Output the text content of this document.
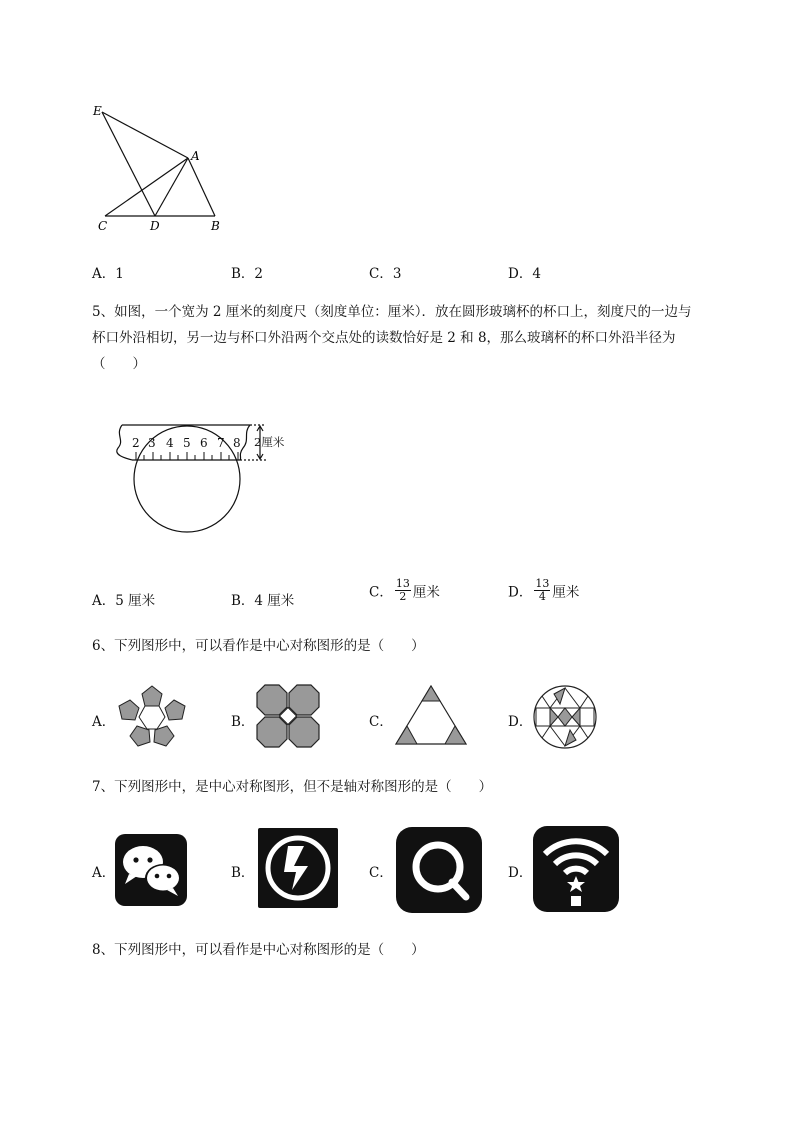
E
A
C	D	B
A．1	B．2	C．3	D．4
5、如图，一个宽为 2 厘米的刻度尺（刻度单位：厘米）．放在圆形玻璃杯的杯口上，刻度尺的一边与
杯口外沿相切，另一边与杯口外沿两个交点处的读数恰好是 2 和 8，那么玻璃杯的杯口外沿半径为
（　　）
2 3 4 5 6 7 8 2厘米
A．5 厘米	B．4 厘米
C． $\frac{13}{2}$ 厘米	D． $\frac{13}{4}$ 厘米
6、下列图形中，可以看作是中心对称图形的是（　　）
A．	B．	C．	D．
7、下列图形中，是中心对称图形，但不是轴对称图形的是（　　）
A．	B．	C．	D．
8、下列图形中，可以看作是中心对称图形的是（　　）
